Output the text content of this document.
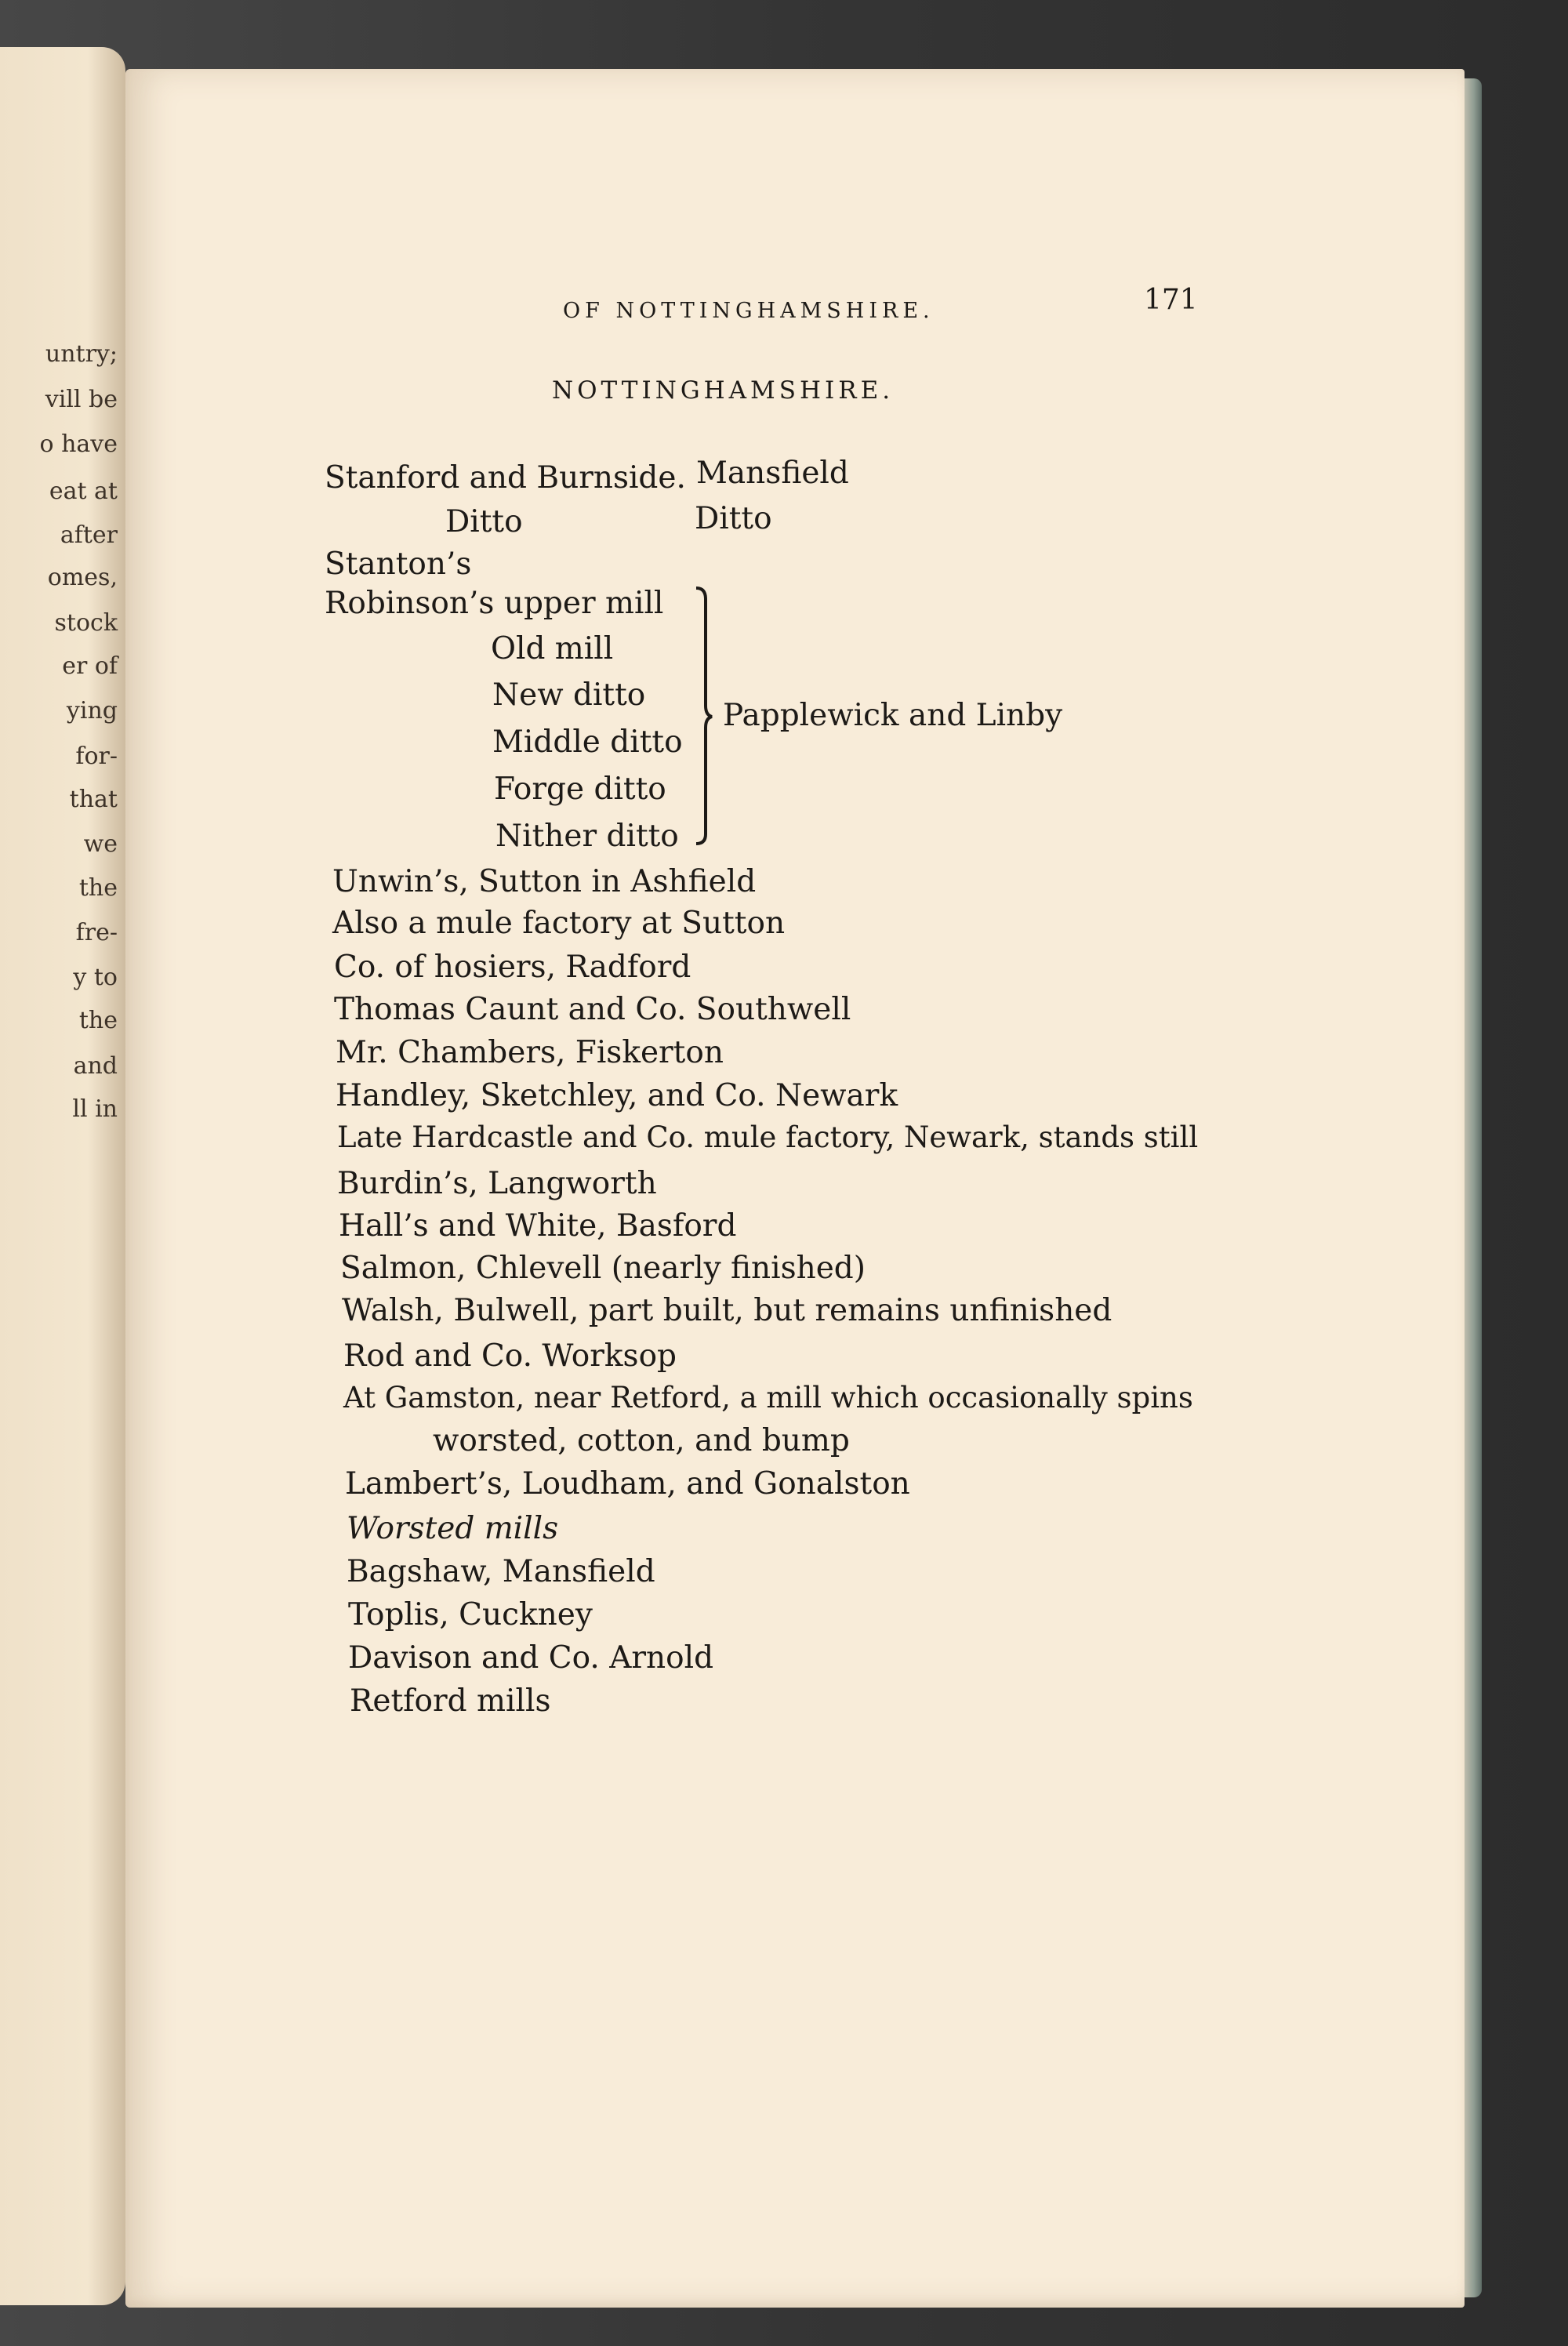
untry;
vill be
o have
eat at
after
omes,
stock
er of
ying
for-
that
we
the
fre-
y to
the
and
ll in
OF NOTTINGHAMSHIRE.	171
NOTTINGHAMSHIRE.
Stanford and Burnside. Mansfield
Ditto	Ditto
Stanton’s
Robinson’s upper mill
Old mill
New ditto
Middle ditto
Forge ditto
Nither ditto
Papplewick and Linby
Unwin’s, Sutton in Ashfield
Also a mule factory at Sutton
Co. of hosiers, Radford
Thomas Caunt and Co. Southwell
Mr. Chambers, Fiskerton
Handley, Sketchley, and Co. Newark
Late Hardcastle and Co. mule factory, Newark, stands still
Burdin’s, Langworth
Hall’s and White, Basford
Salmon, Chlevell (nearly finished)
Walsh, Bulwell, part built, but remains unfinished
Rod and Co. Worksop
At Gamston, near Retford, a mill which occasionally spins
worsted, cotton, and bump
Lambert’s, Loudham, and Gonalston
Worsted mills
Bagshaw, Mansfield
Toplis, Cuckney
Davison and Co. Arnold
Retford mills
